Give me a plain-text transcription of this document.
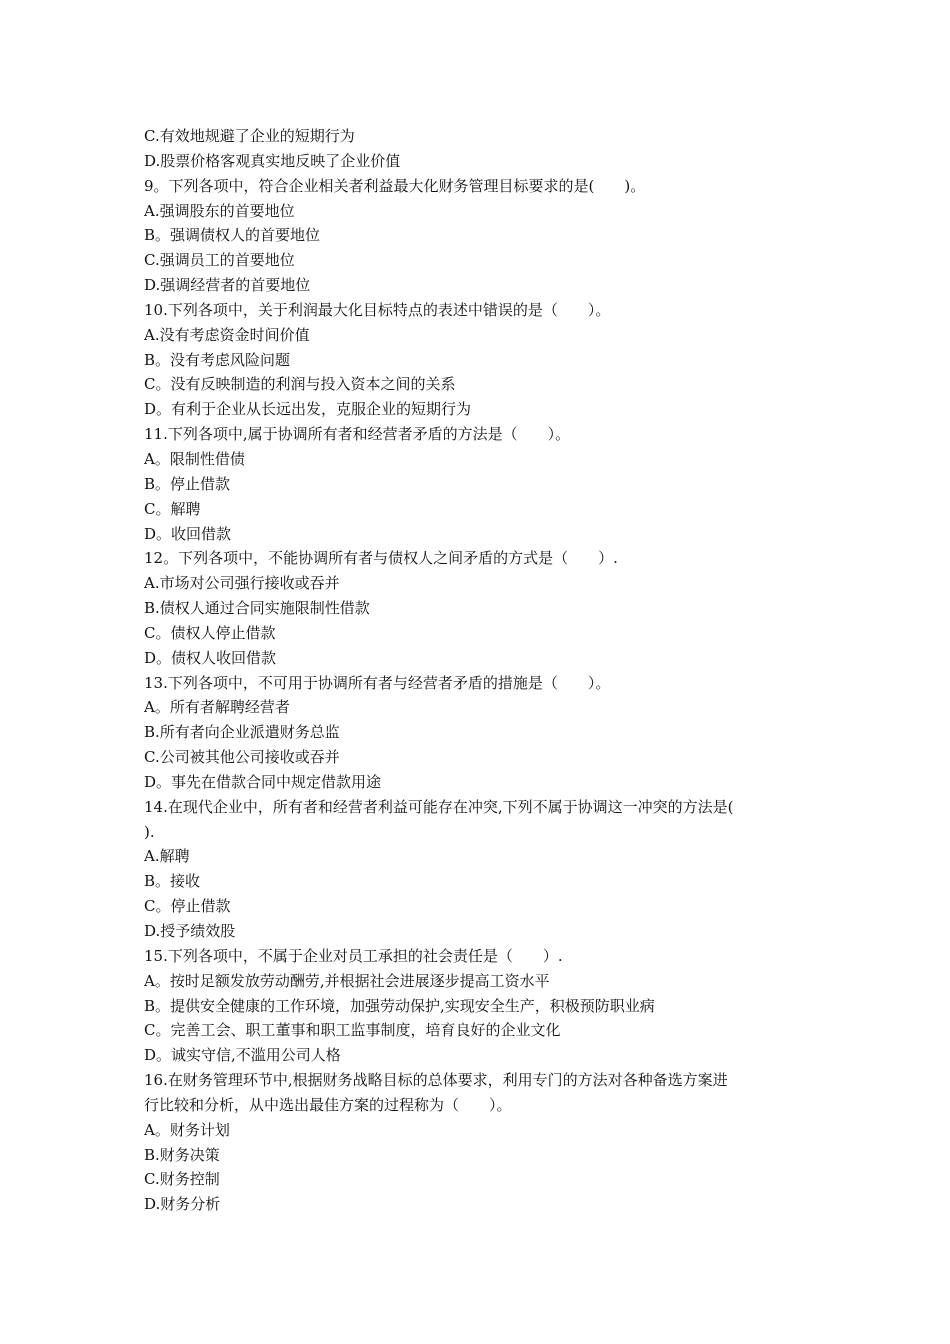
C.有效地规避了企业的短期行为
D.股票价格客观真实地反映了企业价值
9。下列各项中，符合企业相关者利益最大化财务管理目标要求的是(　　)。
A.强调股东的首要地位
B。强调债权人的首要地位
C.强调员工的首要地位
D.强调经营者的首要地位
10.下列各项中，关于利润最大化目标特点的表述中错误的是（　　）。
A.没有考虑资金时间价值
B。没有考虑风险问题
C。没有反映制造的利润与投入资本之间的关系
D。有利于企业从长远出发，克服企业的短期行为
11.下列各项中,属于协调所有者和经营者矛盾的方法是（　　）。
A。限制性借债
B。停止借款
C。解聘
D。收回借款
12。下列各项中，不能协调所有者与债权人之间矛盾的方式是（　　）.
A.市场对公司强行接收或吞并
B.债权人通过合同实施限制性借款
C。债权人停止借款
D。债权人收回借款
13.下列各项中，不可用于协调所有者与经营者矛盾的措施是（　　）。
A。所有者解聘经营者
B.所有者向企业派遣财务总监
C.公司被其他公司接收或吞并
D。事先在借款合同中规定借款用途
14.在现代企业中，所有者和经营者利益可能存在冲突,下列不属于协调这一冲突的方法是(
).
A.解聘
B。接收
C。停止借款
D.授予绩效股
15.下列各项中，不属于企业对员工承担的社会责任是（　　）.
A。按时足额发放劳动酬劳,并根据社会进展逐步提高工资水平
B。提供安全健康的工作环境，加强劳动保护,实现安全生产，积极预防职业病
C。完善工会、职工董事和职工监事制度，培育良好的企业文化
D。诚实守信,不滥用公司人格
16.在财务管理环节中,根据财务战略目标的总体要求，利用专门的方法对各种备选方案进
行比较和分析，从中选出最佳方案的过程称为（　　）。
A。财务计划
B.财务决策
C.财务控制
D.财务分析
